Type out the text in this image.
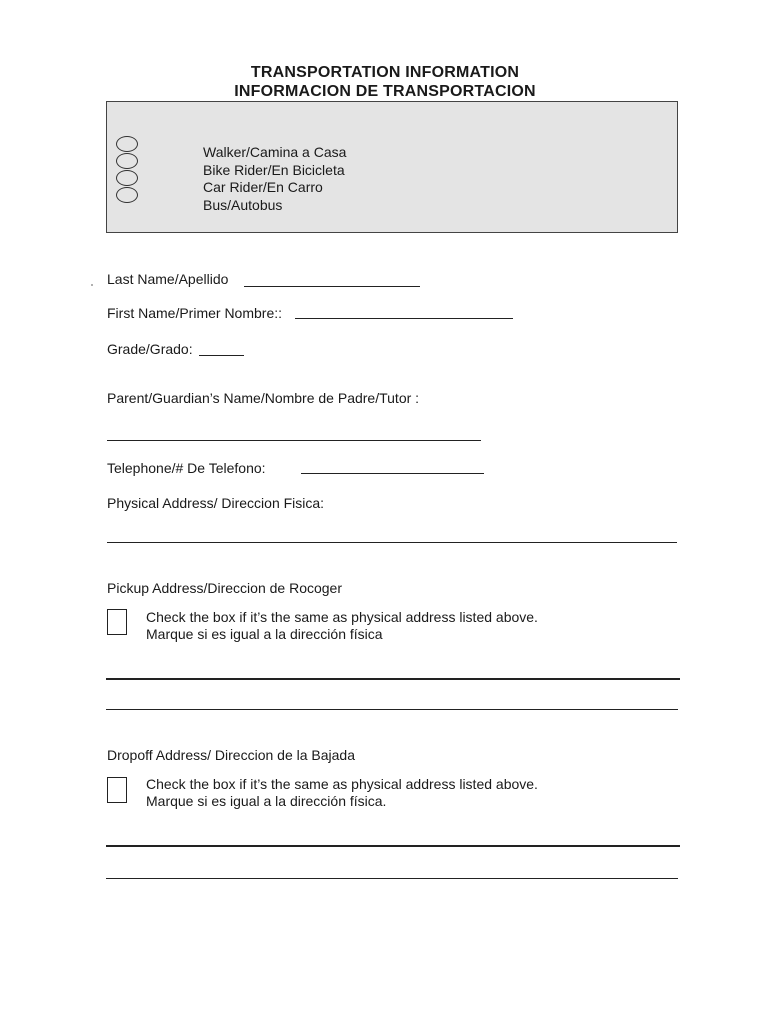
TRANSPORTATION INFORMATION
INFORMACION DE TRANSPORTACION
Walker/Camina a Casa
Bike Rider/En Bicicleta
Car Rider/En Carro
Bus/Autobus
Last Name/Apellido
First Name/Primer Nombre::
Grade/Grado:
Parent/Guardian’s Name/Nombre de Padre/Tutor :
Telephone/# De Telefono:
Physical Address/ Direccion Fisica:
Pickup Address/Direccion de Rocoger
Check the box if it’s the same as physical address listed above.
Marque si es igual a la dirección física
Dropoff Address/ Direccion de la Bajada
Check the box if it’s the same as physical address listed above.
Marque si es igual a la dirección física.
